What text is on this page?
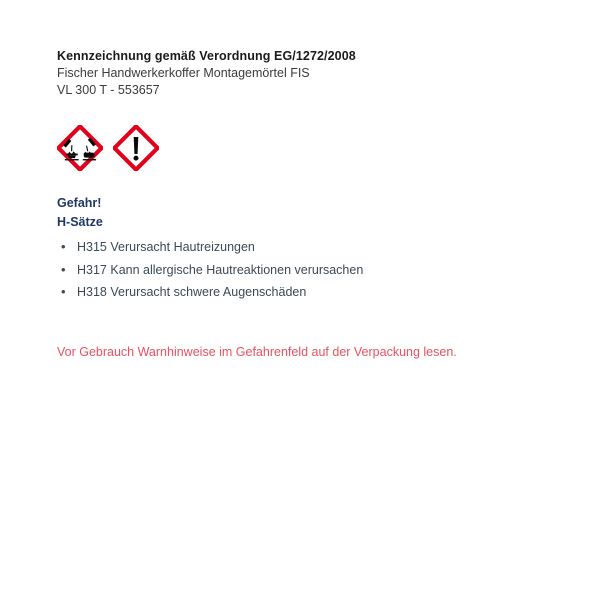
Kennzeichnung gemäß Verordnung EG/1272/2008

Fischer Handwerkerkoffer Montagemörtel FIS

VL 300 T - 553657

Gefahr!

H-Sätze

• H315 Verursacht Hautreizungen
• H317 Kann allergische Hautreaktionen verursachen
• H318 Verursacht schwere Augenschäden

Vor Gebrauch Warnhinweise im Gefahrenfeld auf der Verpackung lesen.
